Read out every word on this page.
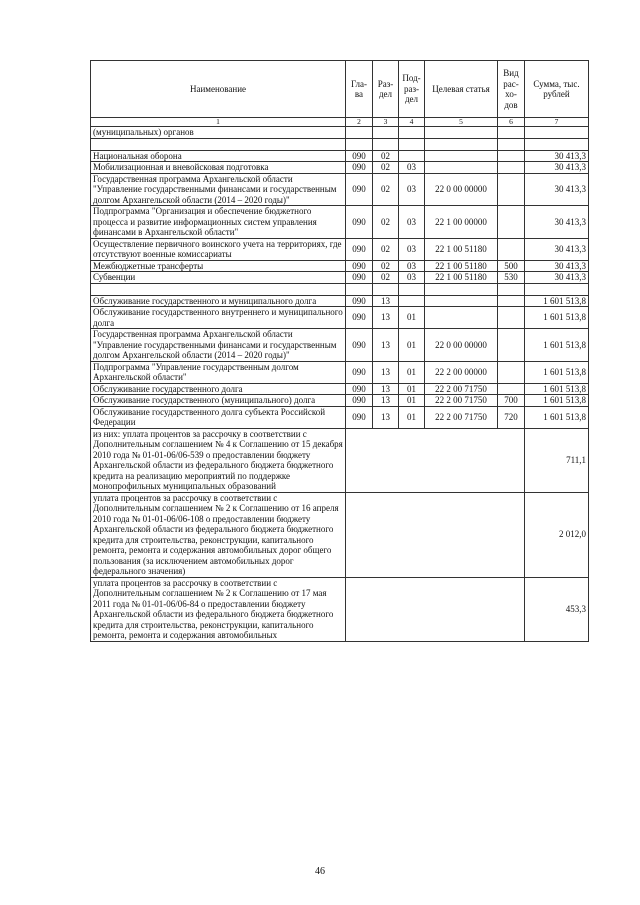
Наименование	Гла-ва	Раз-дел	Под-раз-дел	Целевая статья	Вид рас-хо-дов	Сумма, тыс. рублей
1	2	3	4	5	6	7
(муниципальных) органов						

Национальная оборона	090	02				30 413,3
Мобилизационная и вневойсковая подготовка	090	02	03			30 413,3
Государственная программа Архангельской области "Управление государственными финансами и государственным долгом Архангельской области (2014 – 2020 годы)"	090	02	03	22 0 00 00000		30 413,3
Подпрограмма "Организация и обеспечение бюджетного процесса и развитие информационных систем управления финансами в Архангельской области"	090	02	03	22 1 00 00000		30 413,3
Осуществление первичного воинского учета на территориях, где отсутствуют военные комиссариаты	090	02	03	22 1 00 51180		30 413,3
Межбюджетные трансферты	090	02	03	22 1 00 51180	500	30 413,3
Субвенции	090	02	03	22 1 00 51180	530	30 413,3

Обслуживание государственного и муниципального долга	090	13				1 601 513,8
Обслуживание государственного внутреннего и муниципального долга	090	13	01			1 601 513,8
Государственная программа Архангельской области "Управление государственными финансами и государственным долгом Архангельской области (2014 – 2020 годы)"	090	13	01	22 0 00 00000		1 601 513,8
Подпрограмма "Управление государственным долгом Архангельской области"	090	13	01	22 2 00 00000		1 601 513,8
Обслуживание государственного долга	090	13	01	22 2 00 71750		1 601 513,8
Обслуживание государственного (муниципального) долга	090	13	01	22 2 00 71750	700	1 601 513,8
Обслуживание государственного долга субъекта Российской Федерации	090	13	01	22 2 00 71750	720	1 601 513,8
из них: уплата процентов за рассрочку в соответствии с Дополнительным соглашением № 4 к Соглашению от 15 декабря 2010 года № 01-01-06/06-539 о предоставлении бюджету Архангельской области из федерального бюджета бюджетного кредита на реализацию мероприятий по поддержке монопрофильных муниципальных образований						711,1
уплата процентов за рассрочку в соответствии с Дополнительным соглашением № 2 к Соглашению от 16 апреля 2010 года № 01-01-06/06-108 о предоставлении бюджету Архангельской области из федерального бюджета бюджетного кредита для строительства, реконструкции, капитального ремонта, ремонта и содержания автомобильных дорог общего пользования (за исключением автомобильных дорог федерального значения)						2 012,0
уплата процентов за рассрочку в соответствии с Дополнительным соглашением № 2 к Соглашению от 17 мая 2011 года № 01-01-06/06-84 о предоставлении бюджету Архангельской области из федерального бюджета бюджетного кредита для строительства, реконструкции, капитального ремонта, ремонта и содержания автомобильных						453,3
46
